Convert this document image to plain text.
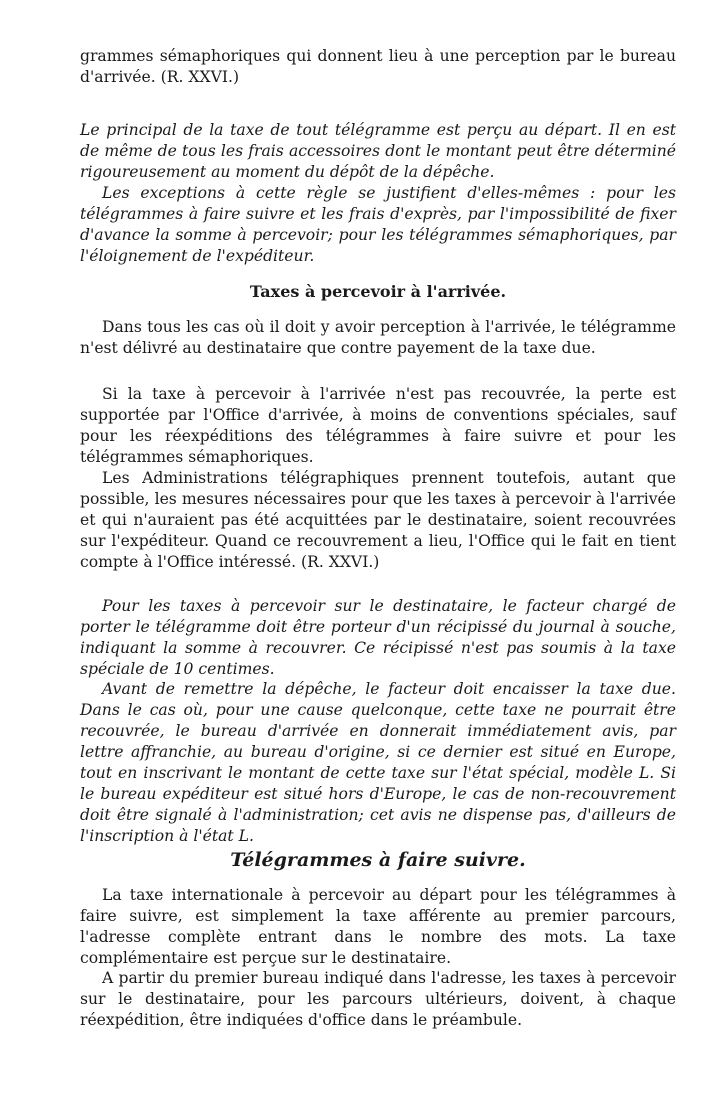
grammes sémaphoriques qui donnent lieu à une perception par le bureau d'arrivée. (R. XXVI.)

Le principal de la taxe de tout télégramme est perçu au départ. Il en est de même de tous les frais accessoires dont le montant peut être déterminé rigoureusement au moment du dépôt de la dépêche.

Les exceptions à cette règle se justifient d'elles-mêmes : pour les télégrammes à faire suivre et les frais d'exprès, par l'impossibilité de fixer d'avance la somme à percevoir; pour les télégrammes sémaphoriques, par l'éloignement de l'expéditeur.

Taxes à percevoir à l'arrivée.

Dans tous les cas où il doit y avoir perception à l'arrivée, le télégramme n'est délivré au destinataire que contre payement de la taxe due.

Si la taxe à percevoir à l'arrivée n'est pas recouvrée, la perte est supportée par l'Office d'arrivée, à moins de conventions spéciales, sauf pour les réexpéditions des télégrammes à faire suivre et pour les télégrammes sémaphoriques.

Les Administrations télégraphiques prennent toutefois, autant que possible, les mesures nécessaires pour que les taxes à percevoir à l'arrivée et qui n'auraient pas été acquittées par le destinataire, soient recouvrées sur l'expéditeur. Quand ce recouvrement a lieu, l'Office qui le fait en tient compte à l'Office intéressé. (R. XXVI.)

Pour les taxes à percevoir sur le destinataire, le facteur chargé de porter le télégramme doit être porteur d'un récipissé du journal à souche, indiquant la somme à recouvrer. Ce récipissé n'est pas soumis à la taxe spéciale de 10 centimes.

Avant de remettre la dépêche, le facteur doit encaisser la taxe due. Dans le cas où, pour une cause quelconque, cette taxe ne pourrait être recouvrée, le bureau d'arrivée en donnerait immédiatement avis, par lettre affranchie, au bureau d'origine, si ce dernier est situé en Europe, tout en inscrivant le montant de cette taxe sur l'état spécial, modèle L. Si le bureau expéditeur est situé hors d'Europe, le cas de non-recouvrement doit être signalé à l'administration; cet avis ne dispense pas, d'ailleurs de l'inscription à l'état L.

Télégrammes à faire suivre.

La taxe internationale à percevoir au départ pour les télégrammes à faire suivre, est simplement la taxe afférente au premier parcours, l'adresse complète entrant dans le nombre des mots. La taxe complémentaire est perçue sur le destinataire.

A partir du premier bureau indiqué dans l'adresse, les taxes à percevoir sur le destinataire, pour les parcours ultérieurs, doivent, à chaque réexpédition, être indiquées d'office dans le préambule.
